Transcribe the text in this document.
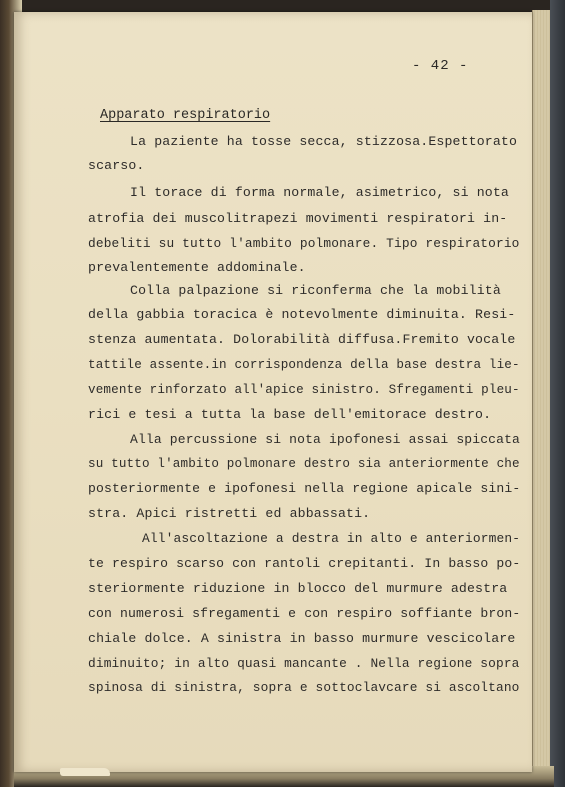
- 42 -
Apparato respiratorio
La paziente ha tosse secca, stizzosa.Espettorato
scarso.
Il torace di forma normale, asimetrico, si nota
atrofia dei muscolitrapezi movimenti respiratori in-
debeliti su tutto l'ambito polmonare. Tipo respiratorio
prevalentemente addominale.
Colla palpazione si riconferma che la mobilità
della gabbia toracica è notevolmente diminuita. Resi-
stenza aumentata. Dolorabilità diffusa.Fremito vocale
tattile assente.in corrispondenza della base destra lie-
vemente rinforzato all'apice sinistro. Sfregamenti pleu-
rici e tesi a tutta la base dell'emitorace destro.
Alla percussione si nota ipofonesi assai spiccata
su tutto l'ambito polmonare destro sia anteriormente che
posteriormente e ipofonesi nella regione apicale sini-
stra. Apici ristretti ed abbassati.
All'ascoltazione a destra in alto e anteriormen-
te respiro scarso con rantoli crepitanti. In basso po-
steriormente riduzione in blocco del murmure adestra
con numerosi sfregamenti e con respiro soffiante bron-
chiale dolce. A sinistra in basso murmure vescicolare
diminuito; in alto quasi mancante . Nella regione sopra
spinosa di sinistra, sopra e sottoclavcare si ascoltano
